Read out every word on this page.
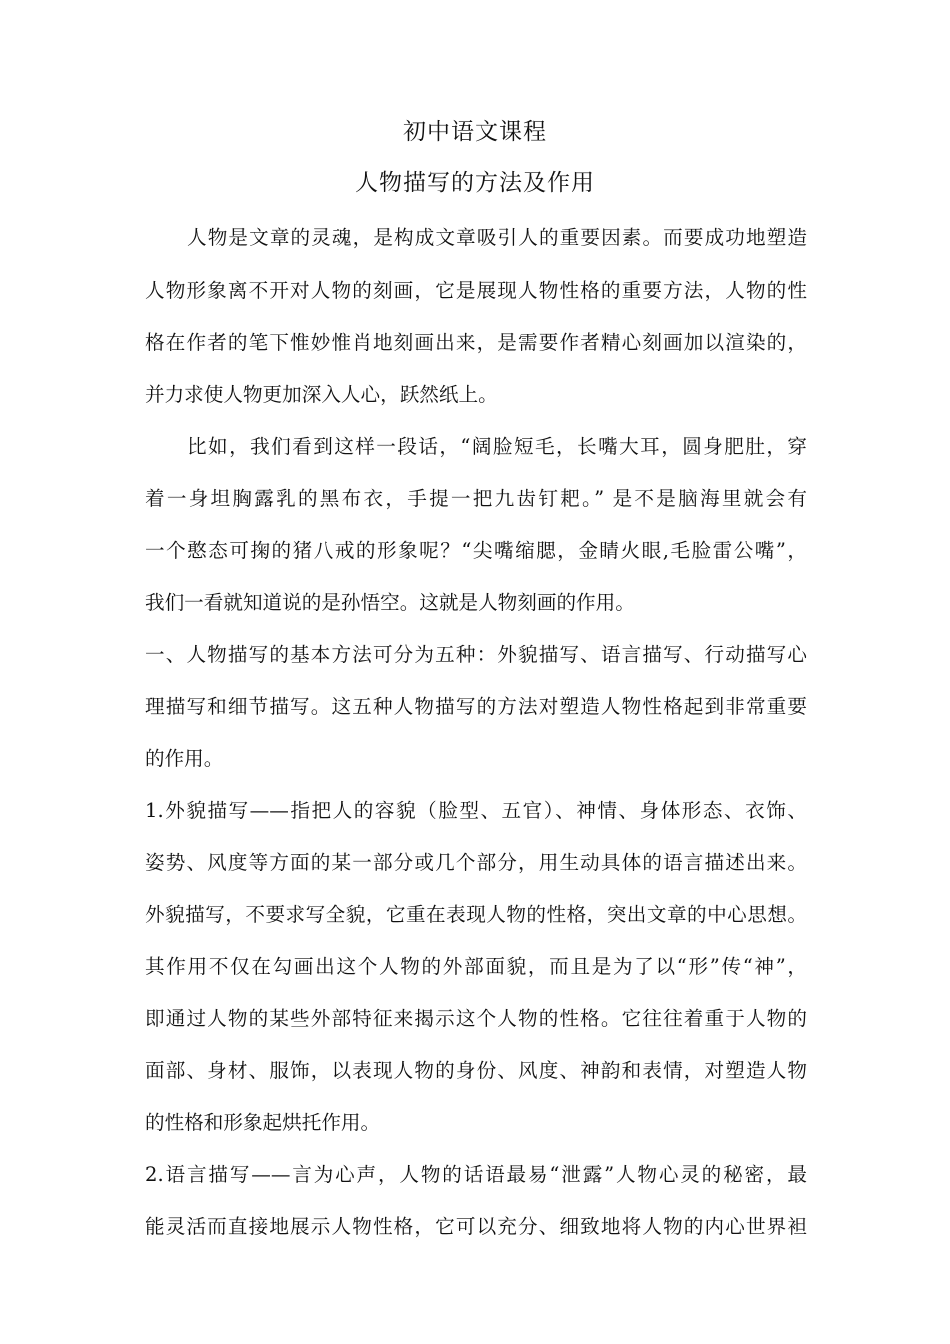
初中语文课程
人物描写的方法及作用
人物是文章的灵魂，是构成文章吸引人的重要因素。而要成功地塑造
人物形象离不开对人物的刻画，它是展现人物性格的重要方法，人物的性
格在作者的笔下惟妙惟肖地刻画出来，是需要作者精心刻画加以渲染的，
并力求使人物更加深入人心，跃然纸上。
比如，我们看到这样一段话，“阔脸短毛，长嘴大耳，圆身肥肚，穿
着一身坦胸露乳的黑布衣，手提一把九齿钉耙。” 是不是脑海里就会有
一个憨态可掬的猪八戒的形象呢？“尖嘴缩腮，金睛火眼,毛脸雷公嘴”，
我们一看就知道说的是孙悟空。这就是人物刻画的作用。
一、人物描写的基本方法可分为五种：外貌描写、语言描写、行动描写心
理描写和细节描写。这五种人物描写的方法对塑造人物性格起到非常重要
的作用。
1.外貌描写——指把人的容貌（脸型、五官）、神情、身体形态、衣饰、
姿势、风度等方面的某一部分或几个部分，用生动具体的语言描述出来。
外貌描写，不要求写全貌，它重在表现人物的性格，突出文章的中心思想。
其作用不仅在勾画出这个人物的外部面貌，而且是为了以“形”传“神”，
即通过人物的某些外部特征来揭示这个人物的性格。它往往着重于人物的
面部、身材、服饰，以表现人物的身份、风度、神韵和表情，对塑造人物
的性格和形象起烘托作用。
2.语言描写——言为心声，人物的话语最易“泄露”人物心灵的秘密，最
能灵活而直接地展示人物性格，它可以充分、细致地将人物的内心世界袒
